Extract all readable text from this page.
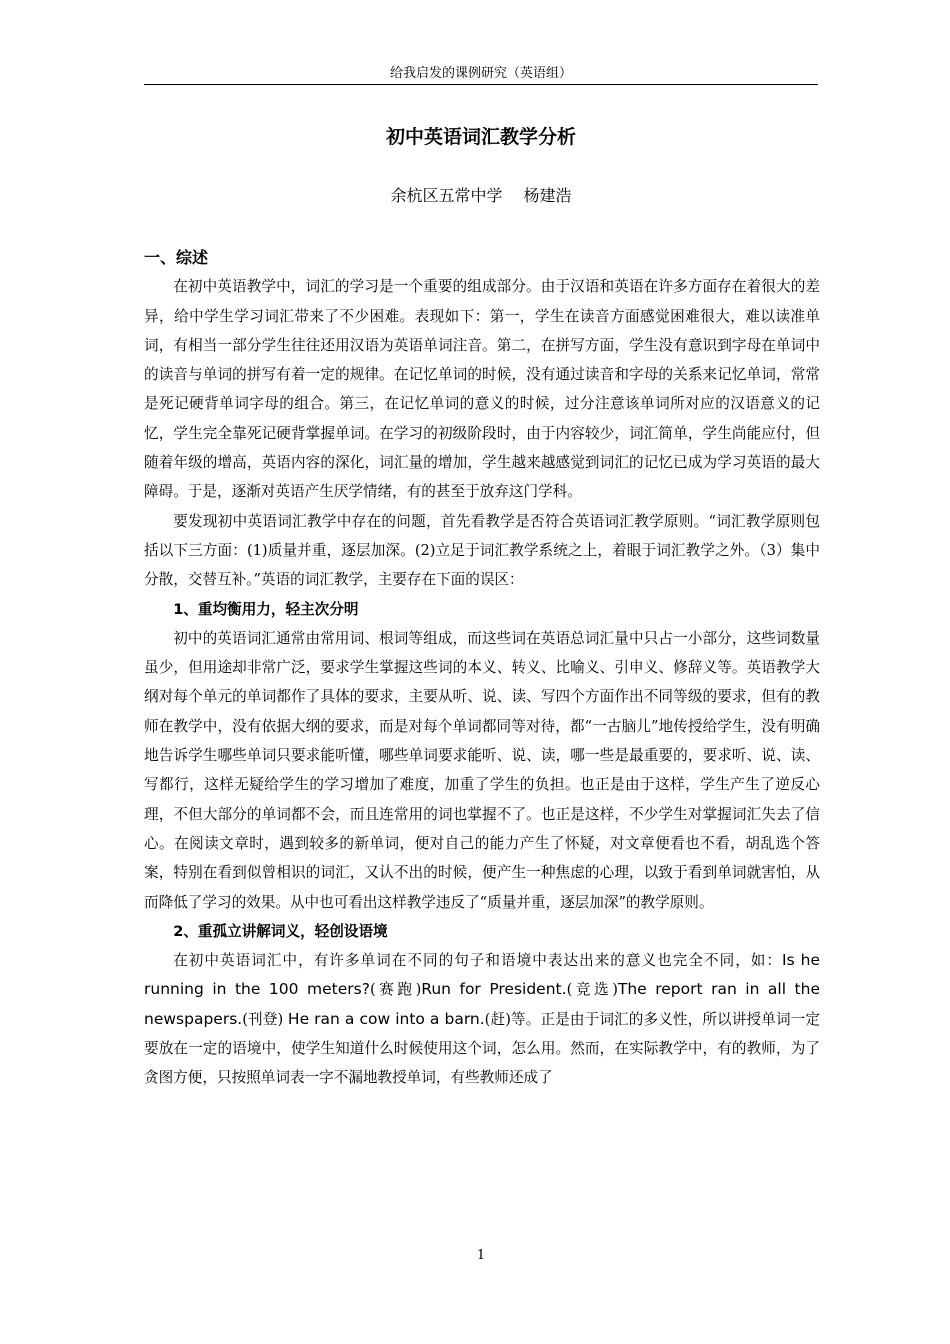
给我启发的课例研究（英语组）
初中英语词汇教学分析
余杭区五常中学　 杨建浩
一、综述

在初中英语教学中，词汇的学习是一个重要的组成部分。由于汉语和英语在许多方面存在着很大的差异，给中学生学习词汇带来了不少困难。表现如下：第一，学生在读音方面感觉困难很大，难以读准单词，有相当一部分学生往往还用汉语为英语单词注音。第二，在拼写方面，学生没有意识到字母在单词中的读音与单词的拼写有着一定的规律。在记忆单词的时候，没有通过读音和字母的关系来记忆单词，常常是死记硬背单词字母的组合。第三，在记忆单词的意义的时候，过分注意该单词所对应的汉语意义的记忆，学生完全靠死记硬背掌握单词。在学习的初级阶段时，由于内容较少，词汇简单，学生尚能应付，但随着年级的增高，英语内容的深化，词汇量的增加，学生越来越感觉到词汇的记忆已成为学习英语的最大障碍。于是，逐渐对英语产生厌学情绪，有的甚至于放弃这门学科。

要发现初中英语词汇教学中存在的问题，首先看教学是否符合英语词汇教学原则。“词汇教学原则包括以下三方面：(1)质量并重，逐层加深。(2)立足于词汇教学系统之上，着眼于词汇教学之外。（3）集中分散，交替互补。”英语的词汇教学，主要存在下面的误区：

1、重均衡用力，轻主次分明

初中的英语词汇通常由常用词、根词等组成，而这些词在英语总词汇量中只占一小部分，这些词数量虽少，但用途却非常广泛，要求学生掌握这些词的本义、转义、比喻义、引申义、修辞义等。英语教学大纲对每个单元的单词都作了具体的要求，主要从听、说、读、写四个方面作出不同等级的要求，但有的教师在教学中，没有依据大纲的要求，而是对每个单词都同等对待，都“一古脑儿”地传授给学生，没有明确地告诉学生哪些单词只要求能听懂，哪些单词要求能听、说、读，哪一些是最重要的，要求听、说、读、写都行，这样无疑给学生的学习增加了难度，加重了学生的负担。也正是由于这样，学生产生了逆反心理，不但大部分的单词都不会，而且连常用的词也掌握不了。也正是这样，不少学生对掌握词汇失去了信心。在阅读文章时，遇到较多的新单词，便对自己的能力产生了怀疑，对文章便看也不看，胡乱选个答案，特别在看到似曾相识的词汇，又认不出的时候，便产生一种焦虑的心理，以致于看到单词就害怕，从而降低了学习的效果。从中也可看出这样教学违反了“质量并重，逐层加深”的教学原则。

2、重孤立讲解词义，轻创设语境

在初中英语词汇中，有许多单词在不同的句子和语境中表达出来的意义也完全不同，如：Is he running in the 100 meters?(赛跑)Run for President.(竞选)The report ran in all the newspapers.(刊登) He ran a cow into a barn.(赶)等。正是由于词汇的多义性，所以讲授单词一定要放在一定的语境中，使学生知道什么时候使用这个词，怎么用。然而，在实际教学中，有的教师，为了贪图方便，只按照单词表一字不漏地教授单词，有些教师还成了

1
